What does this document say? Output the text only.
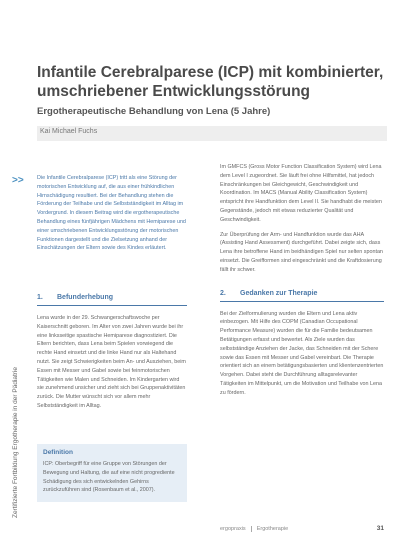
Infantile Cerebralparese (ICP) mit kombinierter, umschriebener Entwicklungsstörung
Ergotherapeutische Behandlung von Lena (5 Jahre)
Kai Michael Fuchs
Zertifizierte Fortbildung Ergotherapie in der Pädiatrie
>> Die Infantile Cerebralparese (ICP) tritt als eine Störung der motorischen Entwicklung auf, die aus einer frühkindlichen Hirnschädigung resultiert. Bei der Behandlung stehen die Förderung der Teilhabe und die Selbstständigkeit im Alltag im Vordergrund. In diesem Beitrag wird die ergotherapeutische Behandlung eines fünfjährigen Mädchens mit Hemiparese und einer umschriebenen Entwicklungsstörung der motorischen Funktionen dargestellt und die Zielsetzung anhand der Einschätzungen der Eltern sowie des Kindes erläutert.

1. Befunderhebung

Lena wurde in der 29. Schwangerschaftswoche per Kaiserschnitt geboren. Im Alter von zwei Jahren wurde bei ihr eine linksseitige spastische Hemiparese diagnostiziert. Die Eltern berichten, dass Lena beim Spielen vorwiegend die rechte Hand einsetzt und die linke Hand nur als Haltehand nutzt. Sie zeigt Schwierigkeiten beim An- und Ausziehen, beim Essen mit Messer und Gabel sowie bei feinmotorischen Tätigkeiten wie Malen und Schneiden. Im Kindergarten wird sie zunehmend unsicher und zieht sich bei Gruppenaktivitäten zurück. Die Mutter wünscht sich vor allem mehr Selbstständigkeit im Alltag.

Definition

ICP: Oberbegriff für eine Gruppe von Störungen der Bewegung und Haltung, die auf eine nicht progrediente Schädigung des sich entwickelnden Gehirns zurückzuführen sind (Rosenbaum et al., 2007).

Im GMFCS (Gross Motor Function Classification System) wird Lena dem Level I zugeordnet. Sie läuft frei ohne Hilfsmittel, hat jedoch Einschränkungen bei Gleichgewicht, Geschwindigkeit und Koordination. Im MACS (Manual Ability Classification System) entspricht ihre Handfunktion dem Level II. Sie handhabt die meisten Gegenstände, jedoch mit etwas reduzierter Qualität und Geschwindigkeit.

Zur Überprüfung der Arm- und Handfunktion wurde das AHA (Assisting Hand Assessment) durchgeführt. Dabei zeigte sich, dass Lena ihre betroffene Hand im beidhändigen Spiel nur selten spontan einsetzt. Die Greifformen sind eingeschränkt und die Kraftdosierung fällt ihr schwer.

2. Gedanken zur Therapie

Bei der Zielformulierung wurden die Eltern und Lena aktiv einbezogen. Mit Hilfe des COPM (Canadian Occupational Performance Measure) wurden die für die Familie bedeutsamen Betätigungen erfasst und bewertet. Als Ziele wurden das selbstständige Anziehen der Jacke, das Schneiden mit der Schere sowie das Essen mit Messer und Gabel vereinbart. Die Therapie orientiert sich an einem betätigungsbasierten und klientenzentrierten Vorgehen. Dabei steht die Durchführung alltagsrelevanter Tätigkeiten im Mittelpunkt, um die Motivation und Teilhabe von Lena zu fördern.

ergopraxis Ergotherapie	31
